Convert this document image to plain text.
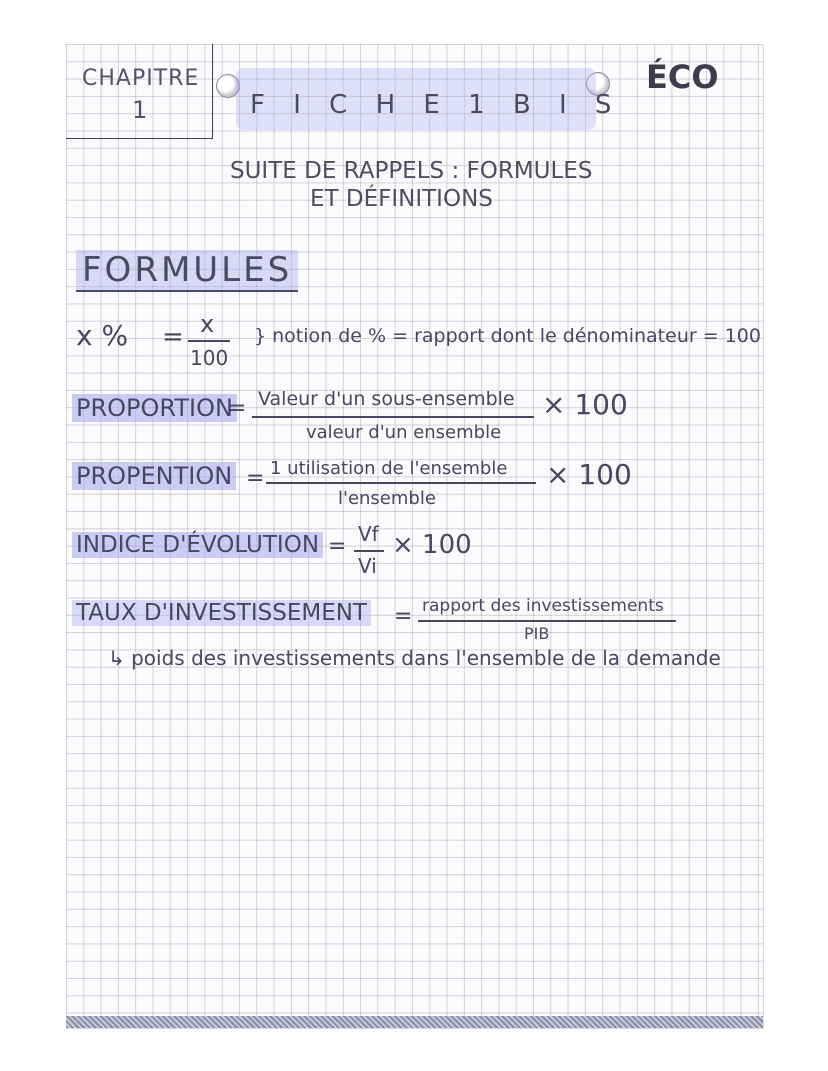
CHAPITRE
1	F I C H E 1 B I S
ÉCO
SUITE DE RAPPELS : FORMULES
ET DÉFINITIONS
FORMULES
x % = x
100
} notion de % = rapport dont le dénominateur = 100
PROPORTION
= Valeur d'un sous-ensemble
valeur d'un ensemble
× 100
PROPENTION = 1 utilisation de l'ensemble
l'ensemble
× 100
INDICE D'ÉVOLUTION = Vf
Vi
× 100
TAUX D'INVESTISSEMENT = rapport des investissements
PIB
↳ poids des investissements dans l'ensemble de la demande
